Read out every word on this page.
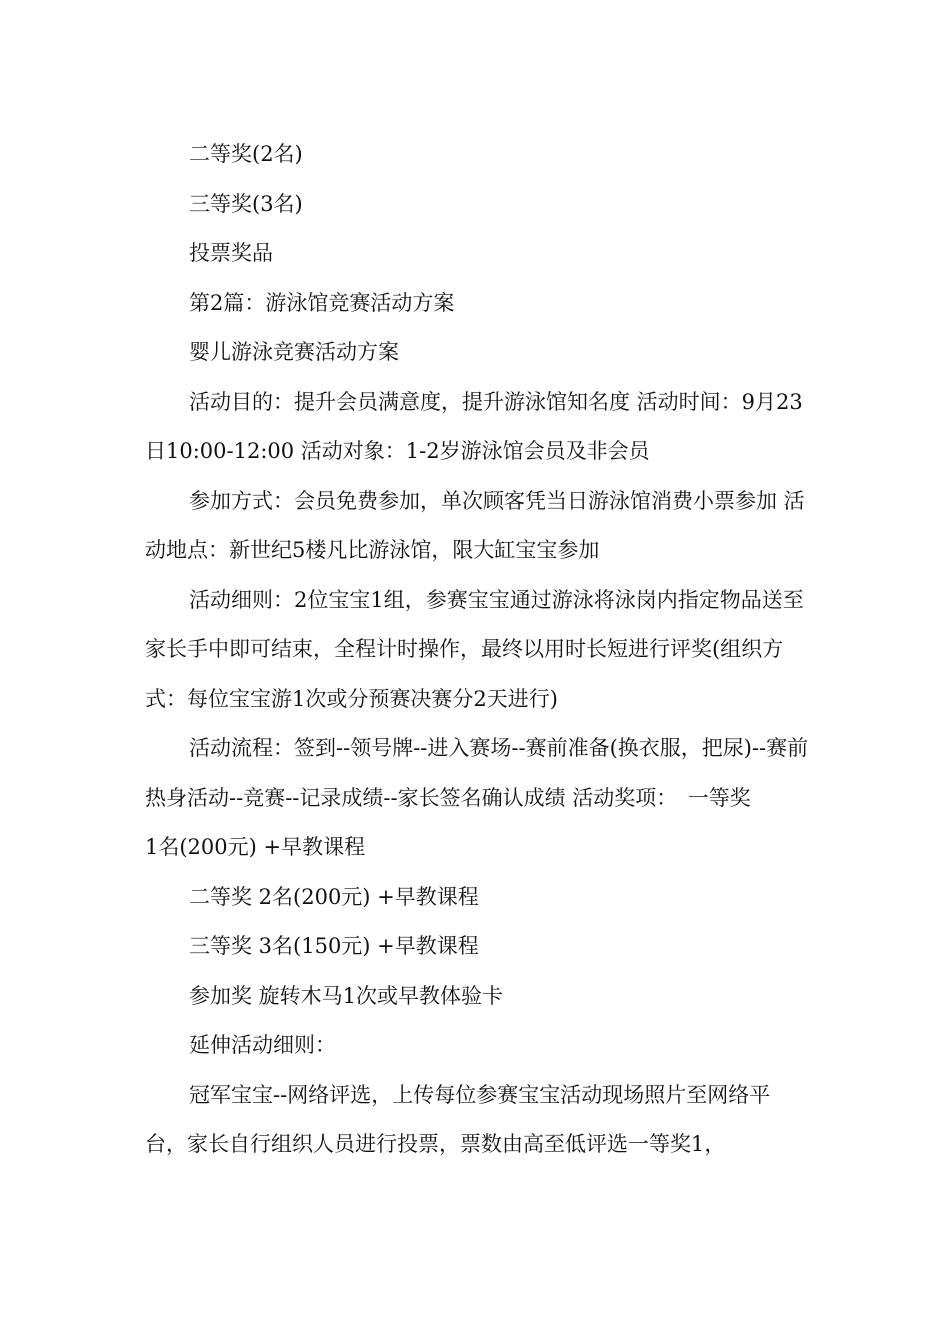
二等奖(2名)

三等奖(3名)

投票奖品

第2篇：游泳馆竞赛活动方案

婴儿游泳竞赛活动方案

活动目的：提升会员满意度，提升游泳馆知名度 活动时间：9月23日10:00-12:00 活动对象：1-2岁游泳馆会员及非会员

参加方式：会员免费参加，单次顾客凭当日游泳馆消费小票参加 活动地点：新世纪5楼凡比游泳馆，限大缸宝宝参加

活动细则：2位宝宝1组，参赛宝宝通过游泳将泳岗内指定物品送至家长手中即可结束，全程计时操作，最终以用时长短进行评奖(组织方式：每位宝宝游1次或分预赛决赛分2天进行)

活动流程：签到--领号牌--进入赛场--赛前准备(换衣服，把尿)--赛前热身活动--竞赛--记录成绩--家长签名确认成绩 活动奖项：　一等奖

1名(200元) +早教课程

二等奖 2名(200元) +早教课程

三等奖 3名(150元) +早教课程

参加奖 旋转木马1次或早教体验卡

延伸活动细则：

冠军宝宝--网络评选，上传每位参赛宝宝活动现场照片至网络平台，家长自行组织人员进行投票，票数由高至低评选一等奖1，
